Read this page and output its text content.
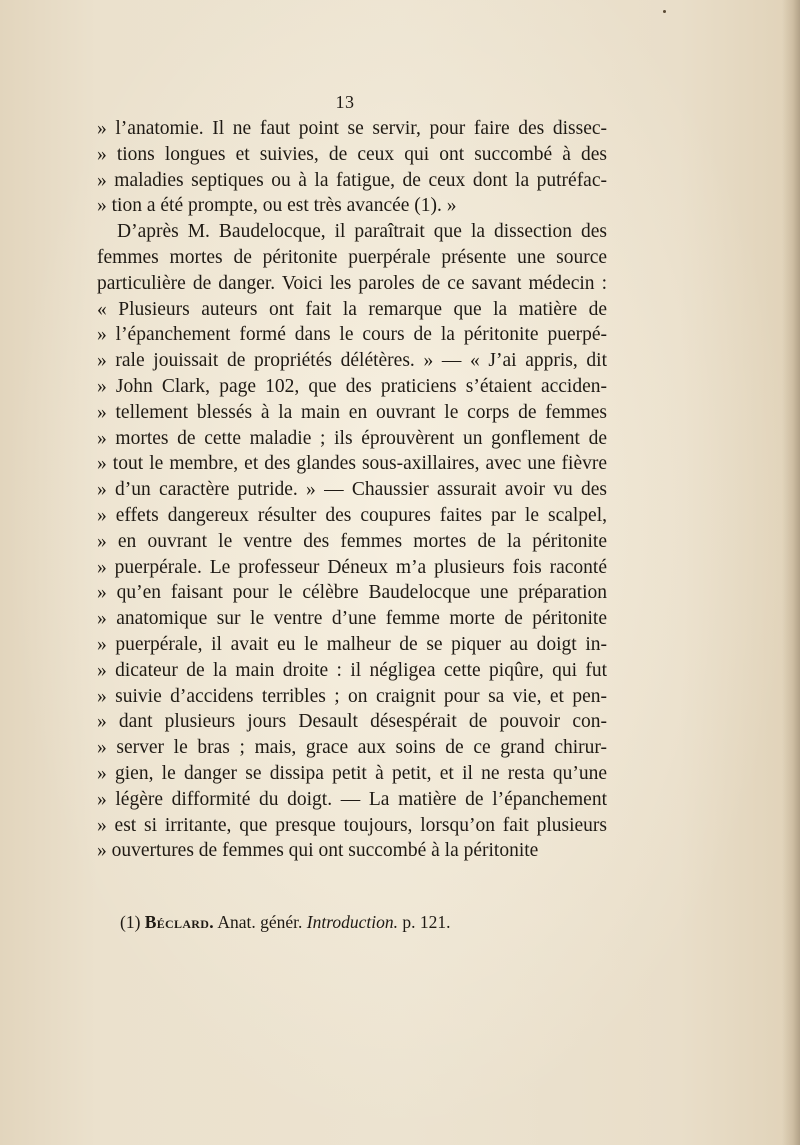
13
» l’anatomie. Il ne faut point se servir, pour faire des dissec-
» tions longues et suivies, de ceux qui ont succombé à des
» maladies septiques ou à la fatigue, de ceux dont la putréfac-
» tion a été prompte, ou est très avancée (1). »
D’après M. Baudelocque, il paraîtrait que la dissection des
femmes mortes de péritonite puerpérale présente une source
particulière de danger. Voici les paroles de ce savant médecin :
« Plusieurs auteurs ont fait la remarque que la matière de
» l’épanchement formé dans le cours de la péritonite puerpé-
» rale jouissait de propriétés délétères. » — « J’ai appris, dit
» John Clark, page 102, que des praticiens s’étaient acciden-
» tellement blessés à la main en ouvrant le corps de femmes
» mortes de cette maladie ; ils éprouvèrent un gonflement de
» tout le membre, et des glandes sous-axillaires, avec une fièvre
» d’un caractère putride. » — Chaussier assurait avoir vu des
» effets dangereux résulter des coupures faites par le scalpel,
» en ouvrant le ventre des femmes mortes de la péritonite
» puerpérale. Le professeur Déneux m’a plusieurs fois raconté
» qu’en faisant pour le célèbre Baudelocque une préparation
» anatomique sur le ventre d’une femme morte de péritonite
» puerpérale, il avait eu le malheur de se piquer au doigt in-
» dicateur de la main droite : il négligea cette piqûre, qui fut
» suivie d’accidens terribles ; on craignit pour sa vie, et pen-
» dant plusieurs jours Desault désespérait de pouvoir con-
» server le bras ; mais, grace aux soins de ce grand chirur-
» gien, le danger se dissipa petit à petit, et il ne resta qu’une
» légère difformité du doigt. — La matière de l’épanchement
» est si irritante, que presque toujours, lorsqu’on fait plusieurs
» ouvertures de femmes qui ont succombé à la péritonite
(1) Béclard. Anat. génér. Introduction. p. 121.
